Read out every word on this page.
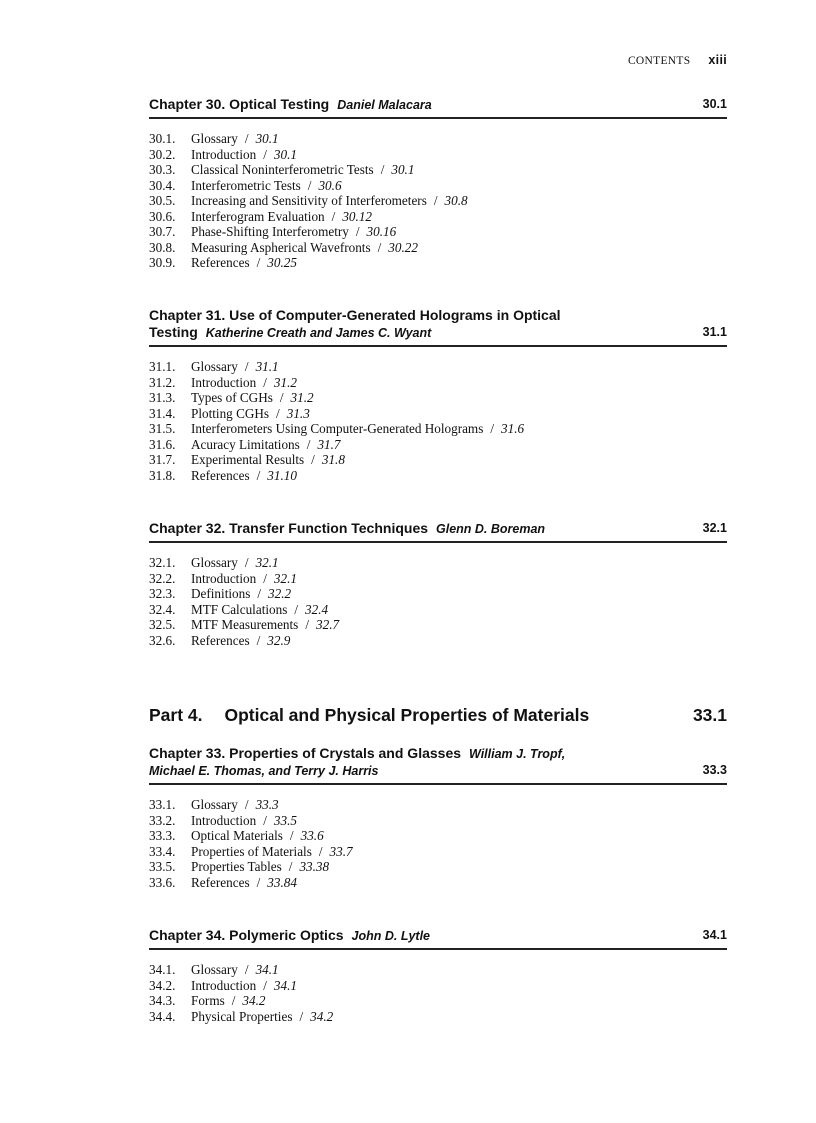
CONTENTS xiii
Chapter 30. Optical Testing Daniel Malacara	30.1
30.1. Glossary / 30.1
30.2. Introduction / 30.1
30.3. Classical Noninterferometric Tests / 30.1
30.4. Interferometric Tests / 30.6
30.5. Increasing and Sensitivity of Interferometers / 30.8
30.6. Interferogram Evaluation / 30.12
30.7. Phase-Shifting Interferometry / 30.16
30.8. Measuring Aspherical Wavefronts / 30.22
30.9. References / 30.25
Chapter 31. Use of Computer-Generated Holograms in Optical
Testing Katherine Creath and James C. Wyant	31.1
31.1. Glossary / 31.1
31.2. Introduction / 31.2
31.3. Types of CGHs / 31.2
31.4. Plotting CGHs / 31.3
31.5. Interferometers Using Computer-Generated Holograms / 31.6
31.6. Acuracy Limitations / 31.7
31.7. Experimental Results / 31.8
31.8. References / 31.10
Chapter 32. Transfer Function Techniques Glenn D. Boreman	32.1
32.1. Glossary / 32.1
32.2. Introduction / 32.1
32.3. Definitions / 32.2
32.4. MTF Calculations / 32.4
32.5. MTF Measurements / 32.7
32.6. References / 32.9
Part 4. Optical and Physical Properties of Materials	33.1
Chapter 33. Properties of Crystals and Glasses William J. Tropf,
Michael E. Thomas, and Terry J. Harris	33.3
33.1. Glossary / 33.3
33.2. Introduction / 33.5
33.3. Optical Materials / 33.6
33.4. Properties of Materials / 33.7
33.5. Properties Tables / 33.38
33.6. References / 33.84
Chapter 34. Polymeric Optics John D. Lytle	34.1
34.1. Glossary / 34.1
34.2. Introduction / 34.1
34.3. Forms / 34.2
34.4. Physical Properties / 34.2
